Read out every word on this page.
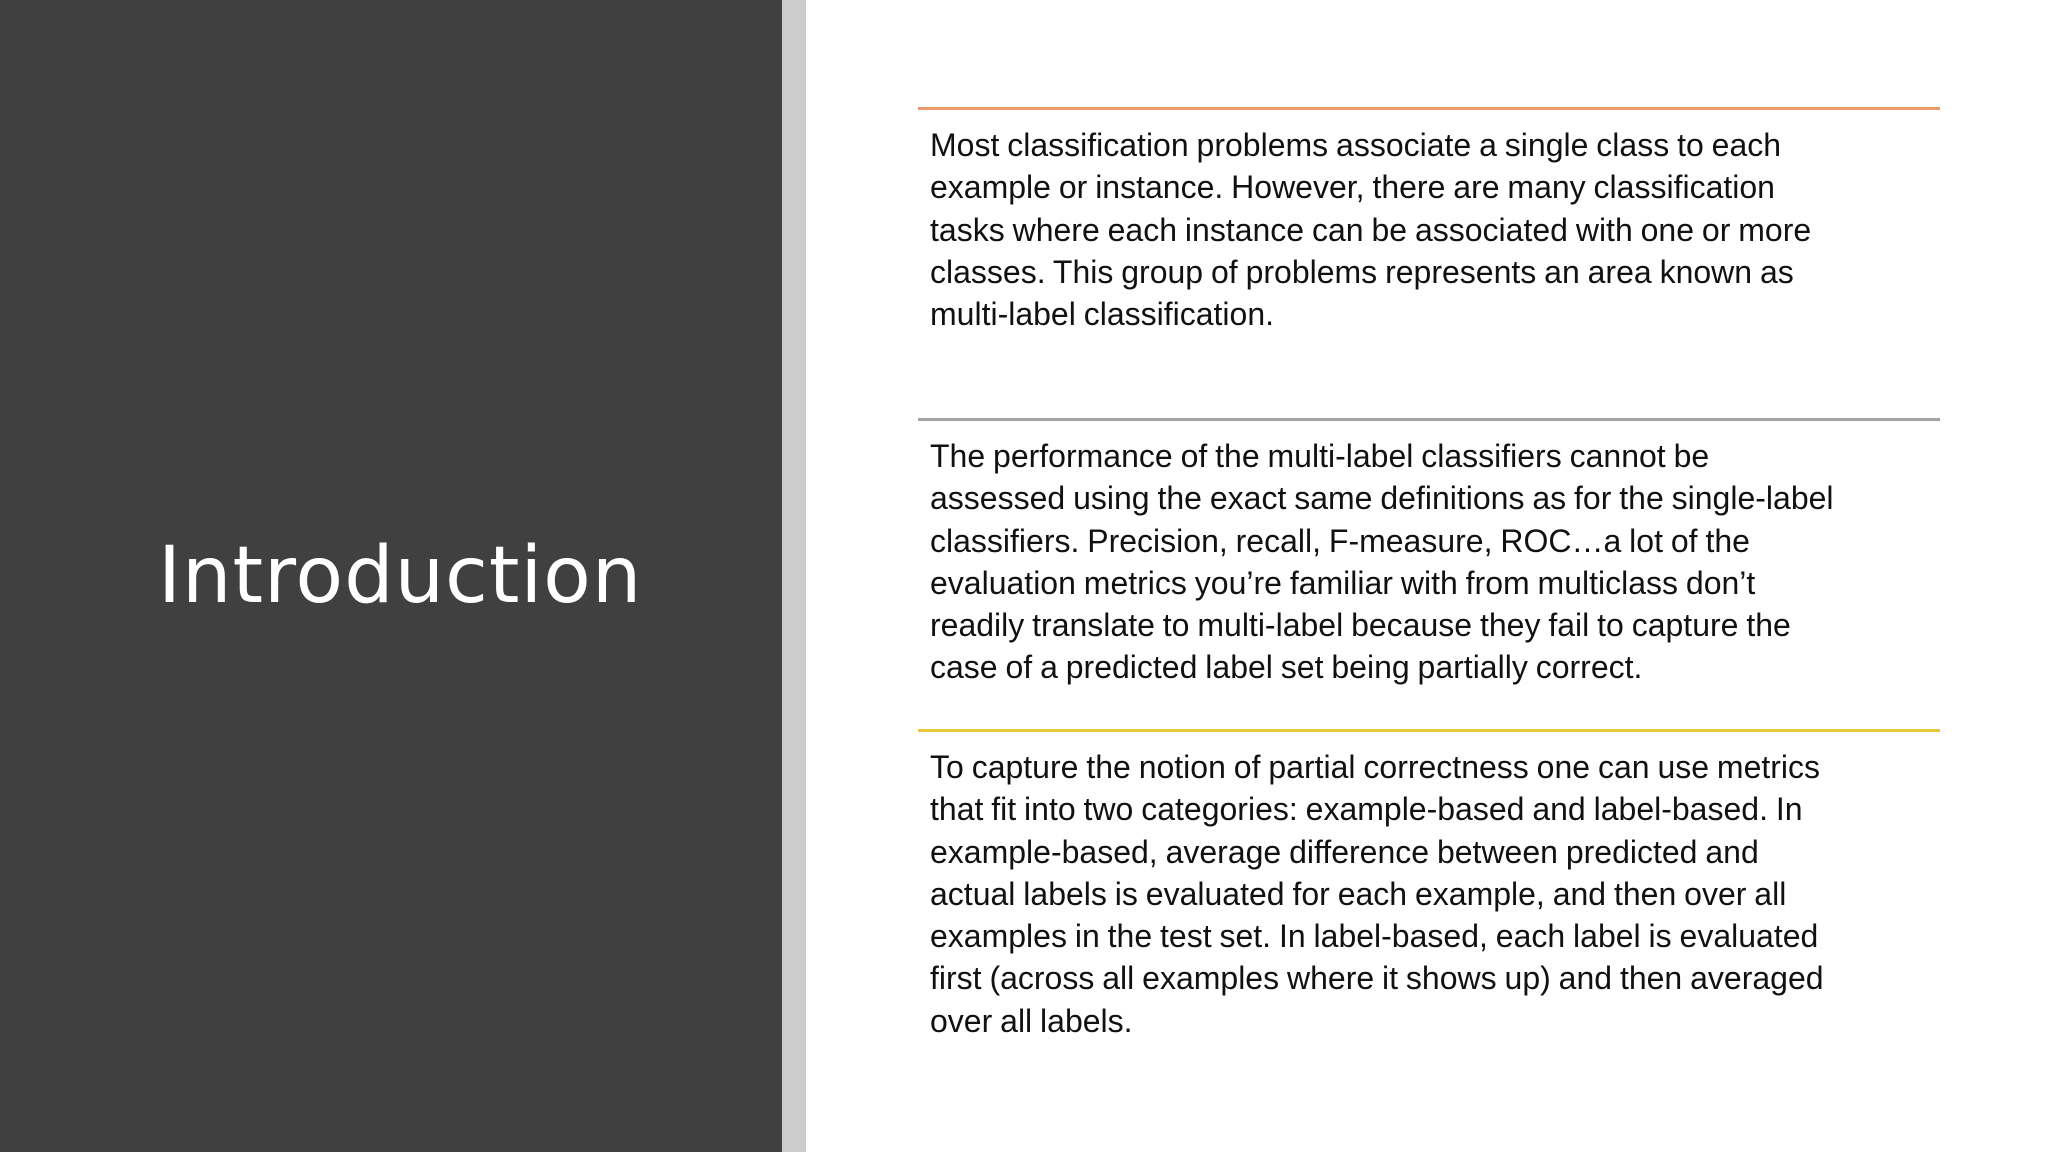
Introduction

Most classification problems associate a single class to each
example or instance. However, there are many classification
tasks where each instance can be associated with one or more
classes. This group of problems represents an area known as
multi-label classification.

The performance of the multi-label classifiers cannot be
assessed using the exact same definitions as for the single-label
classifiers. Precision, recall, F-measure, ROC…a lot of the
evaluation metrics you’re familiar with from multiclass don’t
readily translate to multi-label because they fail to capture the
case of a predicted label set being partially correct.

To capture the notion of partial correctness one can use metrics
that fit into two categories: example-based and label-based. In
example-based, average difference between predicted and
actual labels is evaluated for each example, and then over all
examples in the test set. In label-based, each label is evaluated
first (across all examples where it shows up) and then averaged
over all labels.
